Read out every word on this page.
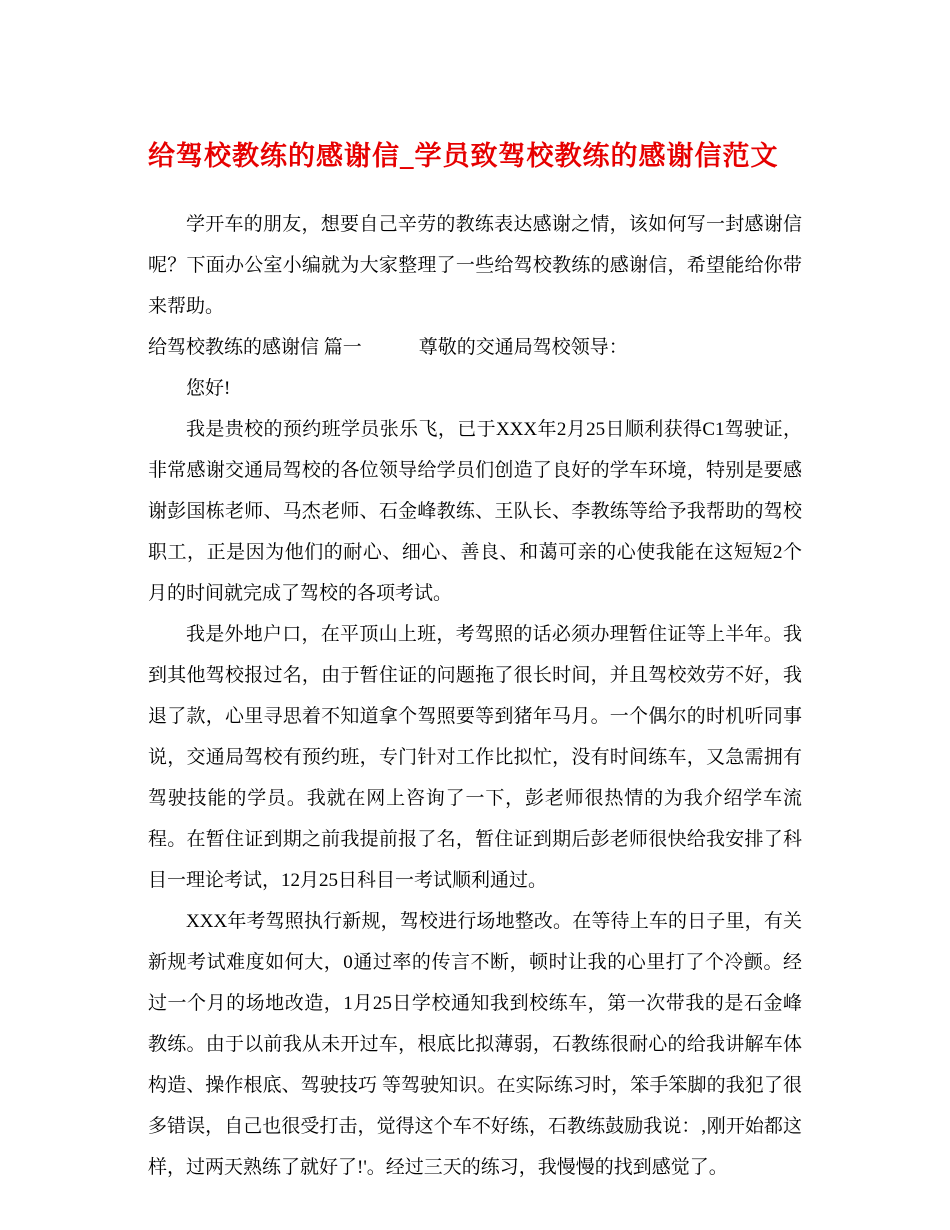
给驾校教练的感谢信_学员致驾校教练的感谢信范文

学开车的朋友，想要自己辛劳的教练表达感谢之情，该如何写一封感谢信呢？下面办公室小编就为大家整理了一些给驾校教练的感谢信，希望能给你带来帮助。

给驾校教练的感谢信 篇一　　　尊敬的交通局驾校领导：

您好!

我是贵校的预约班学员张乐飞，已于XXX年2月25日顺利获得C1驾驶证，非常感谢交通局驾校的各位领导给学员们创造了良好的学车环境，特别是要感谢彭国栋老师、马杰老师、石金峰教练、王队长、李教练等给予我帮助的驾校职工，正是因为他们的耐心、细心、善良、和蔼可亲的心使我能在这短短2个月的时间就完成了驾校的各项考试。

我是外地户口，在平顶山上班，考驾照的话必须办理暂住证等上半年。我到其他驾校报过名，由于暂住证的问题拖了很长时间，并且驾校效劳不好，我退了款，心里寻思着不知道拿个驾照要等到猪年马月。一个偶尔的时机听同事说，交通局驾校有预约班，专门针对工作比拟忙，没有时间练车，又急需拥有驾驶技能的学员。我就在网上咨询了一下，彭老师很热情的为我介绍学车流程。在暂住证到期之前我提前报了名，暂住证到期后彭老师很快给我安排了科目一理论考试，12月25日科目一考试顺利通过。

XXX年考驾照执行新规，驾校进行场地整改。在等待上车的日子里，有关新规考试难度如何大，0通过率的传言不断，顿时让我的心里打了个冷颤。经过一个月的场地改造，1月25日学校通知我到校练车，第一次带我的是石金峰教练。由于以前我从未开过车，根底比拟薄弱，石教练很耐心的给我讲解车体构造、操作根底、驾驶技巧 等驾驶知识。在实际练习时，笨手笨脚的我犯了很多错误，自己也很受打击，觉得这个车不好练，石教练鼓励我说：‚刚开始都这样，过两天熟练了就好了!'。经过三天的练习，我慢慢的找到感觉了。
